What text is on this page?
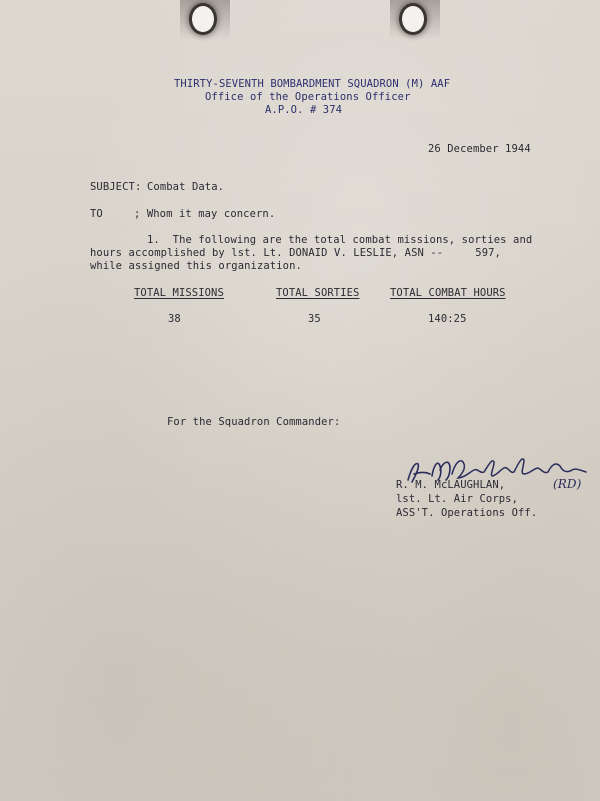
THIRTY-SEVENTH BOMBARDMENT SQUADRON (M) AAF
Office of the Operations Officer
A.P.O. # 374
26 December 1944
SUBJECT: Combat Data.
TO	; Whom it may concern.
1.  The following are the total combat missions, sorties and
hours accomplished by lst. Lt. DONAID V. LESLIE, ASN --     597,
while assigned this organization.
TOTAL MISSIONS	TOTAL SORTIES	TOTAL COMBAT HOURS
38	35	140:25
For the Squadron Commander:
(RD)
R. M. McLAUGHLAN,
lst. Lt. Air Corps,
ASS'T. Operations Off.
